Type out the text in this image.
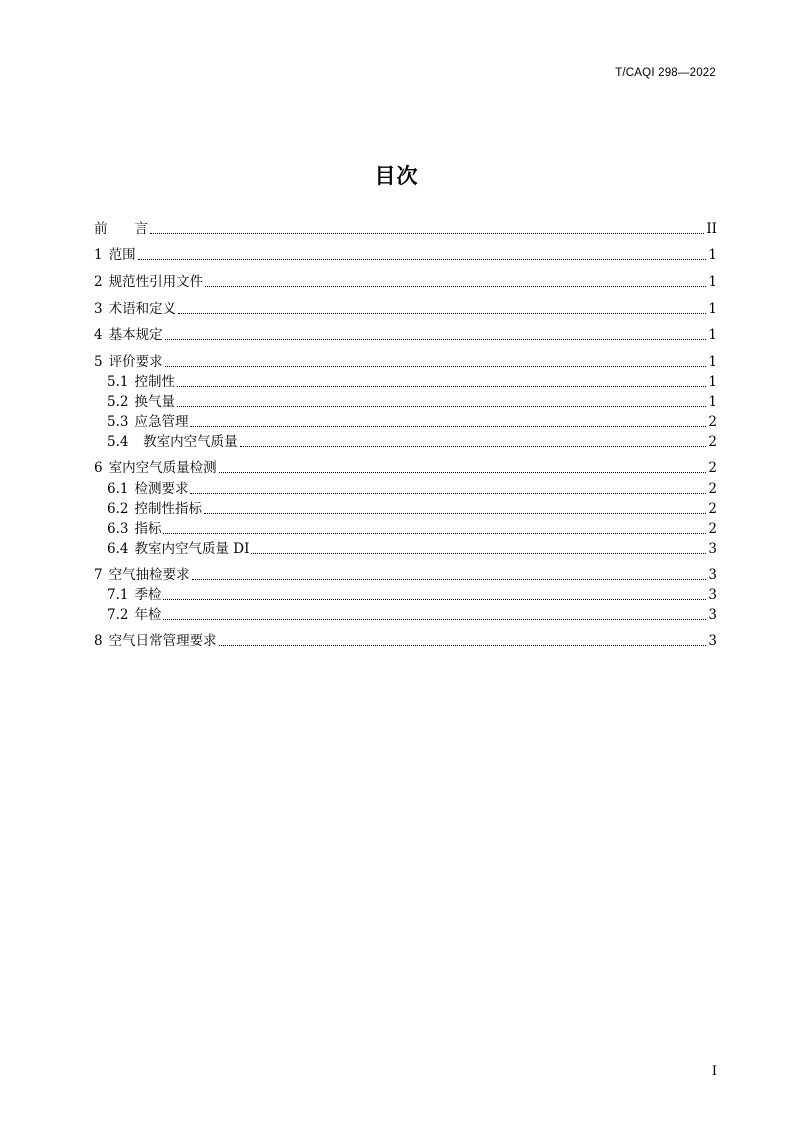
T/CAQI 298—2022
目次
前　　言	II
1 范围	1
2 规范性引用文件	1
3 术语和定义	1
4 基本规定	1
5 评价要求	1
5.1 控制性	1
5.2 换气量	1
5.3 应急管理	2
5.4  教室内空气质量	2
6 室内空气质量检测	2
6.1 检测要求	2
6.2 控制性指标	2
6.3 指标	2
6.4 教室内空气质量 DI	3
7 空气抽检要求	3
7.1 季检	3
7.2 年检	3
8 空气日常管理要求	3
I
